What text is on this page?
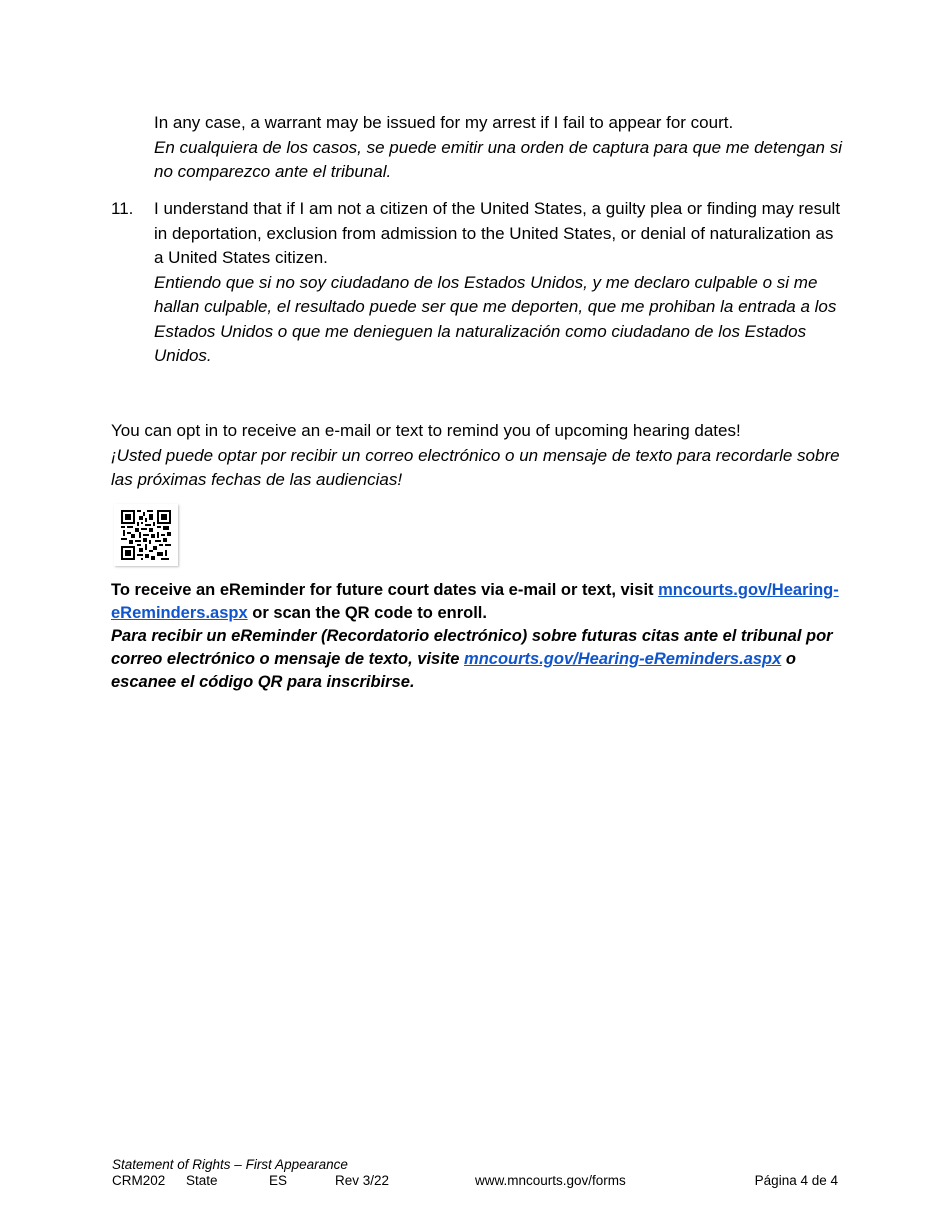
In any case, a warrant may be issued for my arrest if I fail to appear for court.
En cualquiera de los casos, se puede emitir una orden de captura para que me detengan si no comparezco ante el tribunal.
11. I understand that if I am not a citizen of the United States, a guilty plea or finding may result in deportation, exclusion from admission to the United States, or denial of naturalization as a United States citizen.
Entiendo que si no soy ciudadano de los Estados Unidos, y me declaro culpable o si me hallan culpable, el resultado puede ser que me deporten, que me prohiban la entrada a los Estados Unidos o que me denieguen la naturalización como ciudadano de los Estados Unidos.
You can opt in to receive an e-mail or text to remind you of upcoming hearing dates!
¡Usted puede optar por recibir un correo electrónico o un mensaje de texto para recordarle sobre las próximas fechas de las audiencias!
To receive an eReminder for future court dates via e-mail or text, visit mncourts.gov/Hearing-eReminders.aspx or scan the QR code to enroll.
Para recibir un eReminder (Recordatorio electrónico) sobre futuras citas ante el tribunal por correo electrónico o mensaje de texto, visite mncourts.gov/Hearing-eReminders.aspx o escanee el código QR para inscribirse.
Statement of Rights – First Appearance
CRM202 State	ES	Rev 3/22	www.mncourts.gov/forms	Página 4 de 4
